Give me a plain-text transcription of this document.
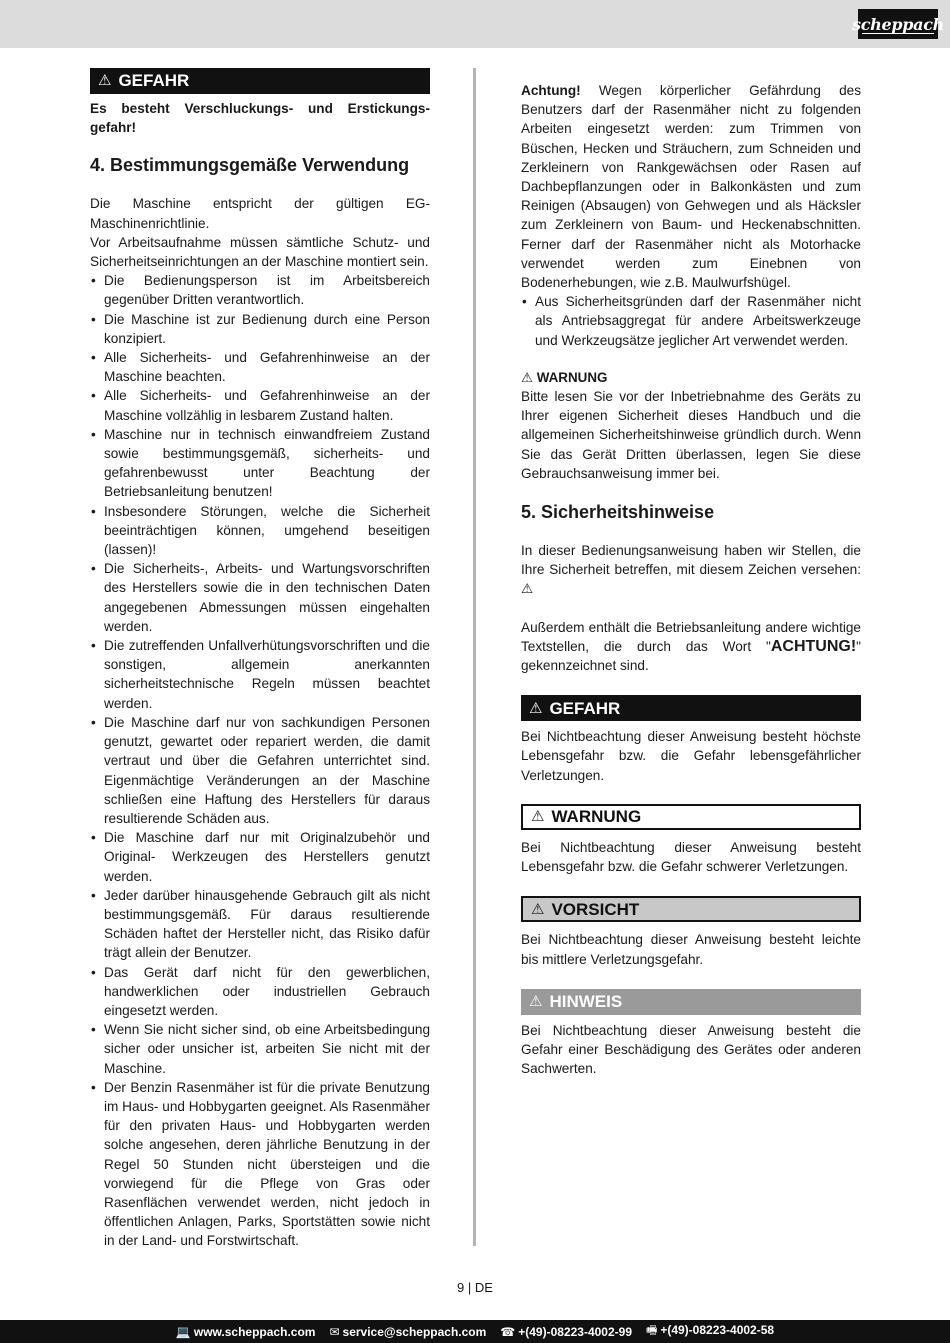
scheppach
⚠ GEFAHR

Es besteht Verschluckungs- und Erstickungs-gefahr!

4. Bestimmungsgemäße Verwendung

Die Maschine entspricht der gültigen EG-Maschinenrichtlinie.

Vor Arbeitsaufnahme müssen sämtliche Schutz- und Sicherheitseinrichtungen an der Maschine montiert sein.

• Die Bedienungsperson ist im Arbeitsbereich gegenüber Dritten verantwortlich.
• Die Maschine ist zur Bedienung durch eine Person konzipiert.
• Alle Sicherheits- und Gefahrenhinweise an der Maschine beachten.
• Alle Sicherheits- und Gefahrenhinweise an der Maschine vollzählig in lesbarem Zustand halten.
• Maschine nur in technisch einwandfreiem Zustand sowie bestimmungsgemäß, sicherheits- und gefahrenbewusst unter Beachtung der Betriebsanleitung benutzen!
• Insbesondere Störungen, welche die Sicherheit beeinträchtigen können, umgehend beseitigen (lassen)!
• Die Sicherheits-, Arbeits- und Wartungsvorschriften des Herstellers sowie die in den technischen Daten angegebenen Abmessungen müssen eingehalten werden.
• Die zutreffenden Unfallverhütungsvorschriften und die sonstigen, allgemein anerkannten sicherheitstechnische Regeln müssen beachtet werden.
• Die Maschine darf nur von sachkundigen Personen genutzt, gewartet oder repariert werden, die damit vertraut und über die Gefahren unterrichtet sind. Eigenmächtige Veränderungen an der Maschine schließen eine Haftung des Herstellers für daraus resultierende Schäden aus.
• Die Maschine darf nur mit Originalzubehör und Original- Werkzeugen des Herstellers genutzt werden.
• Jeder darüber hinausgehende Gebrauch gilt als nicht bestimmungsgemäß. Für daraus resultierende Schäden haftet der Hersteller nicht, das Risiko dafür trägt allein der Benutzer.
• Das Gerät darf nicht für den gewerblichen, handwerklichen oder industriellen Gebrauch eingesetzt werden.
• Wenn Sie nicht sicher sind, ob eine Arbeitsbedingung sicher oder unsicher ist, arbeiten Sie nicht mit der Maschine.
• Der Benzin Rasenmäher ist für die private Benutzung im Haus- und Hobbygarten geeignet. Als Rasenmäher für den privaten Haus- und Hobbygarten werden solche angesehen, deren jährliche Benutzung in der Regel 50 Stunden nicht übersteigen und die vorwiegend für die Pflege von Gras oder Rasenflächen verwendet werden, nicht jedoch in öffentlichen Anlagen, Parks, Sportstätten sowie nicht in der Land- und Forstwirtschaft.

Achtung! Wegen körperlicher Gefährdung des Benutzers darf der Rasenmäher nicht zu folgenden Arbeiten eingesetzt werden: zum Trimmen von Büschen, Hecken und Sträuchern, zum Schneiden und Zerkleinern von Rankgewächsen oder Rasen auf Dachbepflanzungen oder in Balkonkästen und zum Reinigen (Absaugen) von Gehwegen und als Häcksler zum Zerkleinern von Baum- und Heckenabschnitten. Ferner darf der Rasenmäher nicht als Motorhacke verwendet werden zum Einebnen von Bodenerhebungen, wie z.B. Maulwurfshügel.

• Aus Sicherheitsgründen darf der Rasenmäher nicht als Antriebsaggregat für andere Arbeitswerkzeuge und Werkzeugsätze jeglicher Art verwendet werden.
⚠ WARNUNG

Bitte lesen Sie vor der Inbetriebnahme des Geräts zu Ihrer eigenen Sicherheit dieses Handbuch und die allgemeinen Sicherheitshinweise gründlich durch. Wenn Sie das Gerät Dritten überlassen, legen Sie diese Gebrauchsanweisung immer bei.

5. Sicherheitshinweise

In dieser Bedienungsanweisung haben wir Stellen, die Ihre Sicherheit betreffen, mit diesem Zeichen versehen: ⚠

Außerdem enthält die Betriebsanleitung andere wichtige Textstellen, die durch das Wort "ACHTUNG!" gekennzeichnet sind.

⚠ GEFAHR

Bei Nichtbeachtung dieser Anweisung besteht höchste Lebensgefahr bzw. die Gefahr lebensgefährlicher Verletzungen.

⚠ WARNUNG

Bei Nichtbeachtung dieser Anweisung besteht Lebensgefahr bzw. die Gefahr schwerer Verletzungen.

⚠ VORSICHT

Bei Nichtbeachtung dieser Anweisung besteht leichte bis mittlere Verletzungsgefahr.

⚠ HINWEIS

Bei Nichtbeachtung dieser Anweisung besteht die Gefahr einer Beschädigung des Gerätes oder anderen Sachwerten.

9 | DE
💻 www.scheppach.com ✉ service@scheppach.com ☎ +(49)-08223-4002-99 🖷 +(49)-08223-4002-58
